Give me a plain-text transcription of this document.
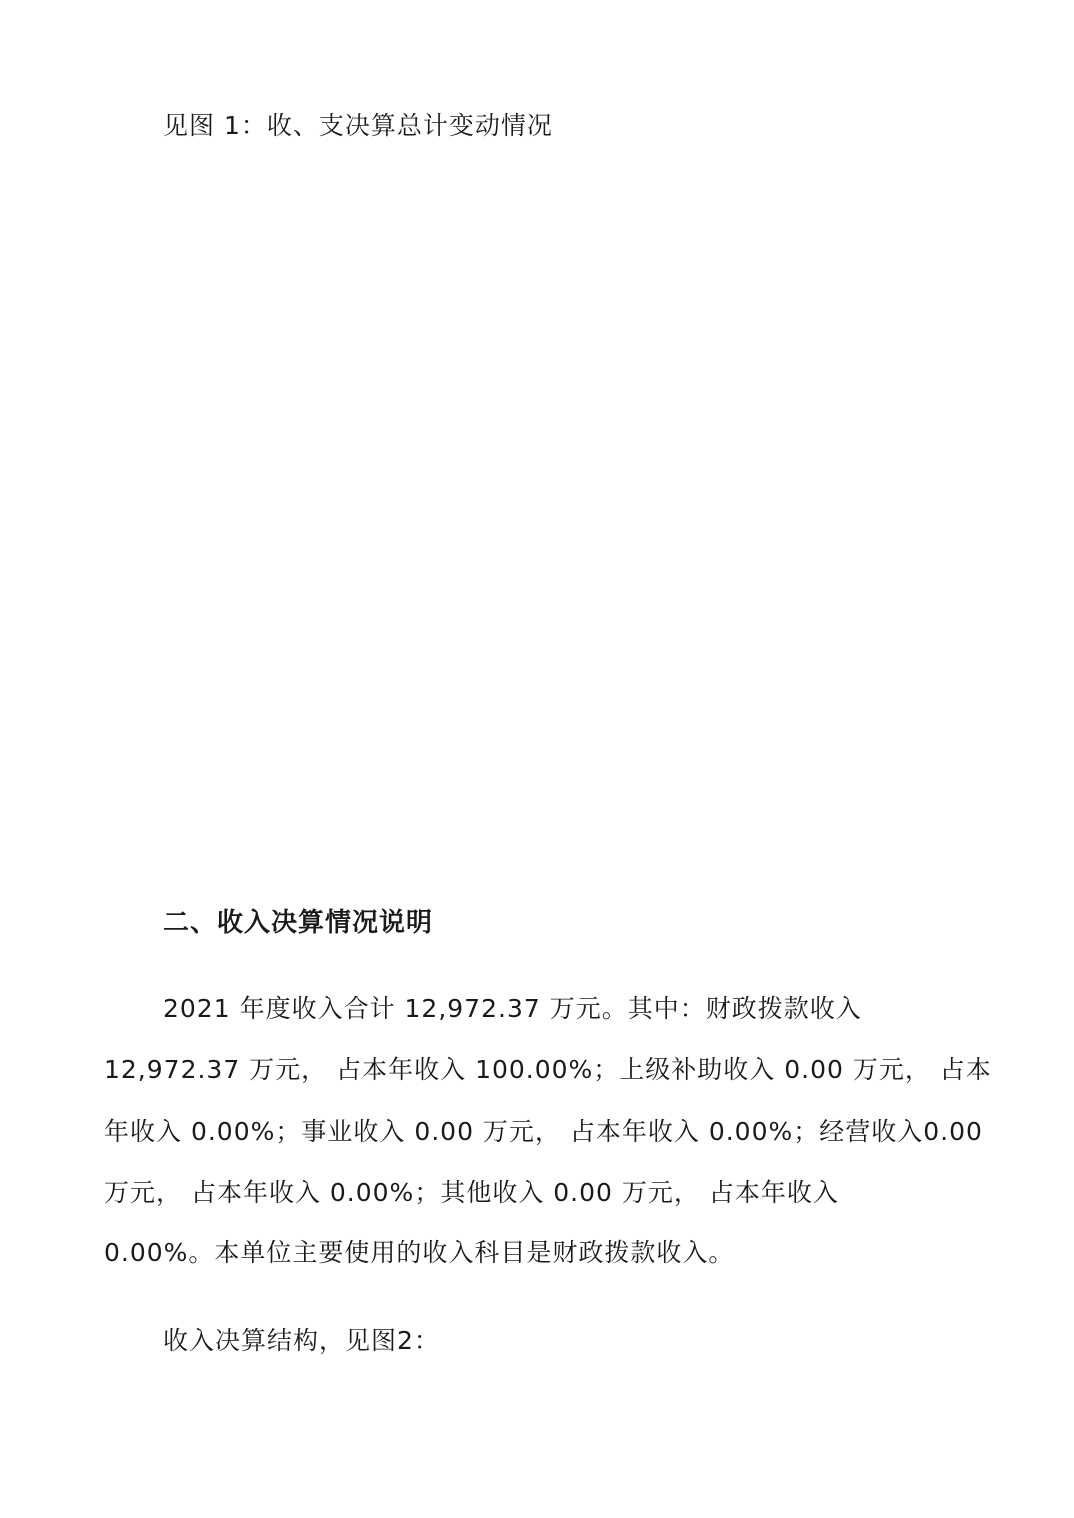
见图 1：收、支决算总计变动情况

二、收入决算情况说明

2021 年度收入合计 12,972.37 万元。其中：财政拨款收入

12,972.37 万元， 占本年收入 100.00%；上级补助收入 0.00 万元， 占本

年收入 0.00%；事业收入 0.00 万元， 占本年收入 0.00%；经营收入0.00

万元， 占本年收入 0.00%；其他收入 0.00 万元， 占本年收入

0.00%。本单位主要使用的收入科目是财政拨款收入。

收入决算结构，见图2：
